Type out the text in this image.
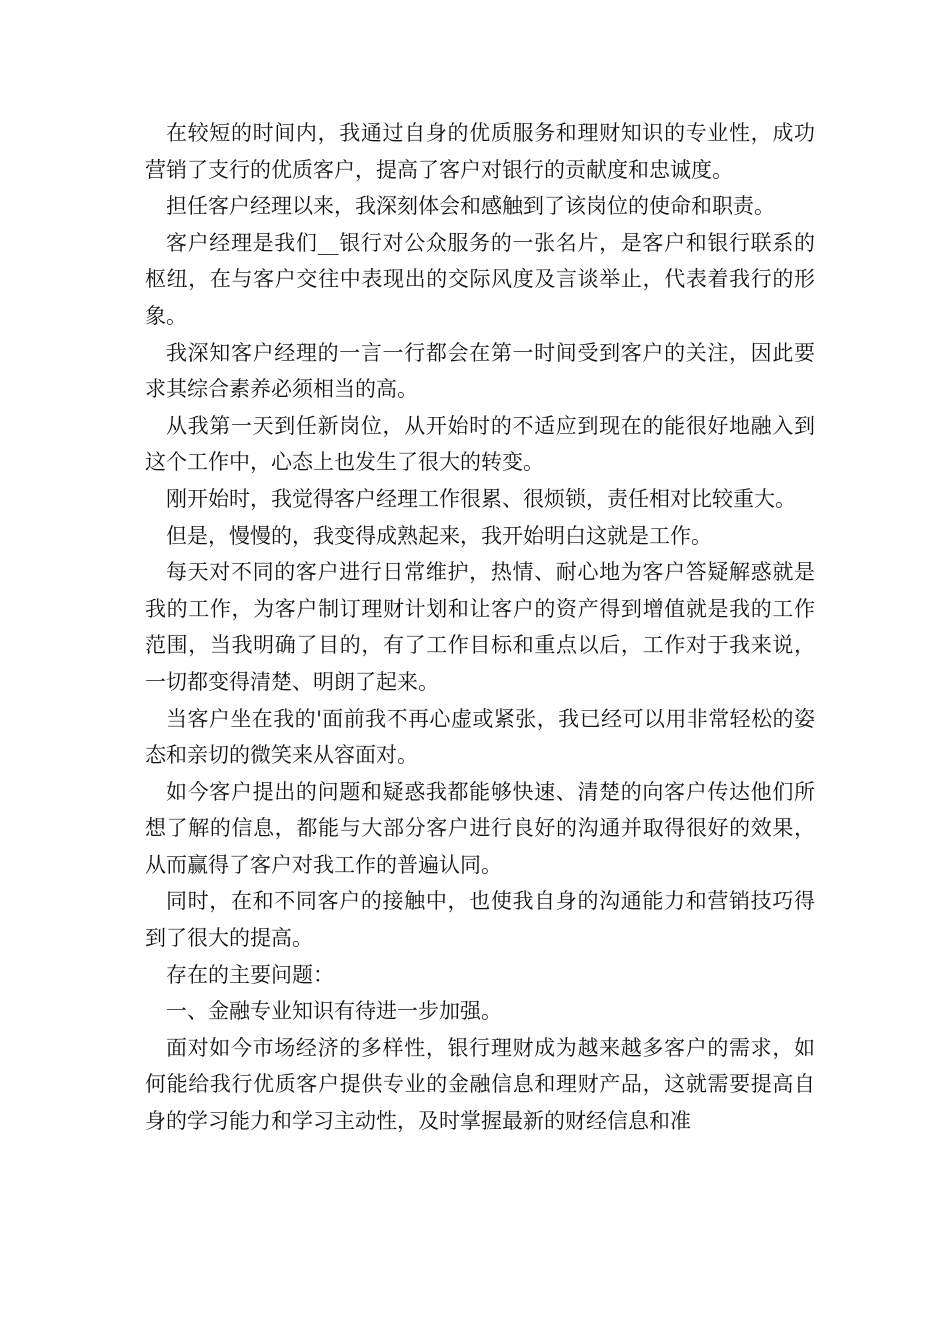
在较短的时间内，我通过自身的优质服务和理财知识的专业性，成功营销了支行的优质客户，提高了客户对银行的贡献度和忠诚度。

担任客户经理以来，我深刻体会和感触到了该岗位的使命和职责。

客户经理是我们__银行对公众服务的一张名片，是客户和银行联系的枢纽，在与客户交往中表现出的交际风度及言谈举止，代表着我行的形象。

我深知客户经理的一言一行都会在第一时间受到客户的关注，因此要求其综合素养必须相当的高。

从我第一天到任新岗位，从开始时的不适应到现在的能很好地融入到这个工作中，心态上也发生了很大的转变。

刚开始时，我觉得客户经理工作很累、很烦锁，责任相对比较重大。

但是，慢慢的，我变得成熟起来，我开始明白这就是工作。

每天对不同的客户进行日常维护，热情、耐心地为客户答疑解惑就是我的工作，为客户制订理财计划和让客户的资产得到增值就是我的工作范围，当我明确了目的，有了工作目标和重点以后，工作对于我来说，一切都变得清楚、明朗了起来。

当客户坐在我的'面前我不再心虚或紧张，我已经可以用非常轻松的姿态和亲切的微笑来从容面对。

如今客户提出的问题和疑惑我都能够快速、清楚的向客户传达他们所想了解的信息，都能与大部分客户进行良好的沟通并取得很好的效果，从而赢得了客户对我工作的普遍认同。

同时，在和不同客户的接触中，也使我自身的沟通能力和营销技巧得到了很大的提高。

存在的主要问题：

一、金融专业知识有待进一步加强。

面对如今市场经济的多样性，银行理财成为越来越多客户的需求，如何能给我行优质客户提供专业的金融信息和理财产品，这就需要提高自身的学习能力和学习主动性，及时掌握最新的财经信息和准
